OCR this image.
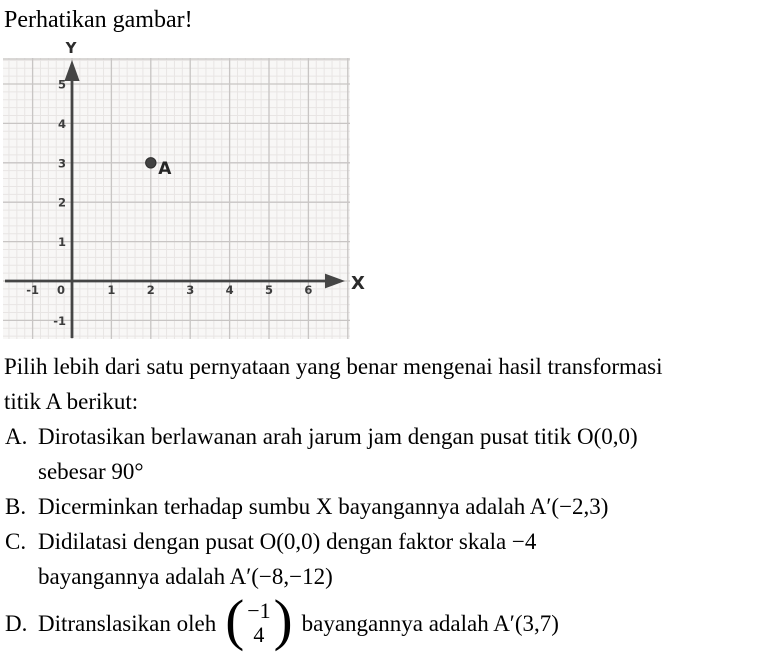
Perhatikan gambar!
-1 0	1	2	3	4	5	6
5
4
3
2
1
-1
Y
X
A
Pilih lebih dari satu pernyataan yang benar mengenai hasil transformasi
titik A berikut:
A. Dirotasikan berlawanan arah jarum jam dengan pusat titik O(0,0)
sebesar 90°
B. Dicerminkan terhadap sumbu X bayangannya adalah A′(−2,3)
C. Didilatasi dengan pusat O(0,0) dengan faktor skala −4
bayangannya adalah A′(−8,−12)
D. Ditranslasikan oleh ( −1
4 ) bayangannya adalah A′(3,7)
